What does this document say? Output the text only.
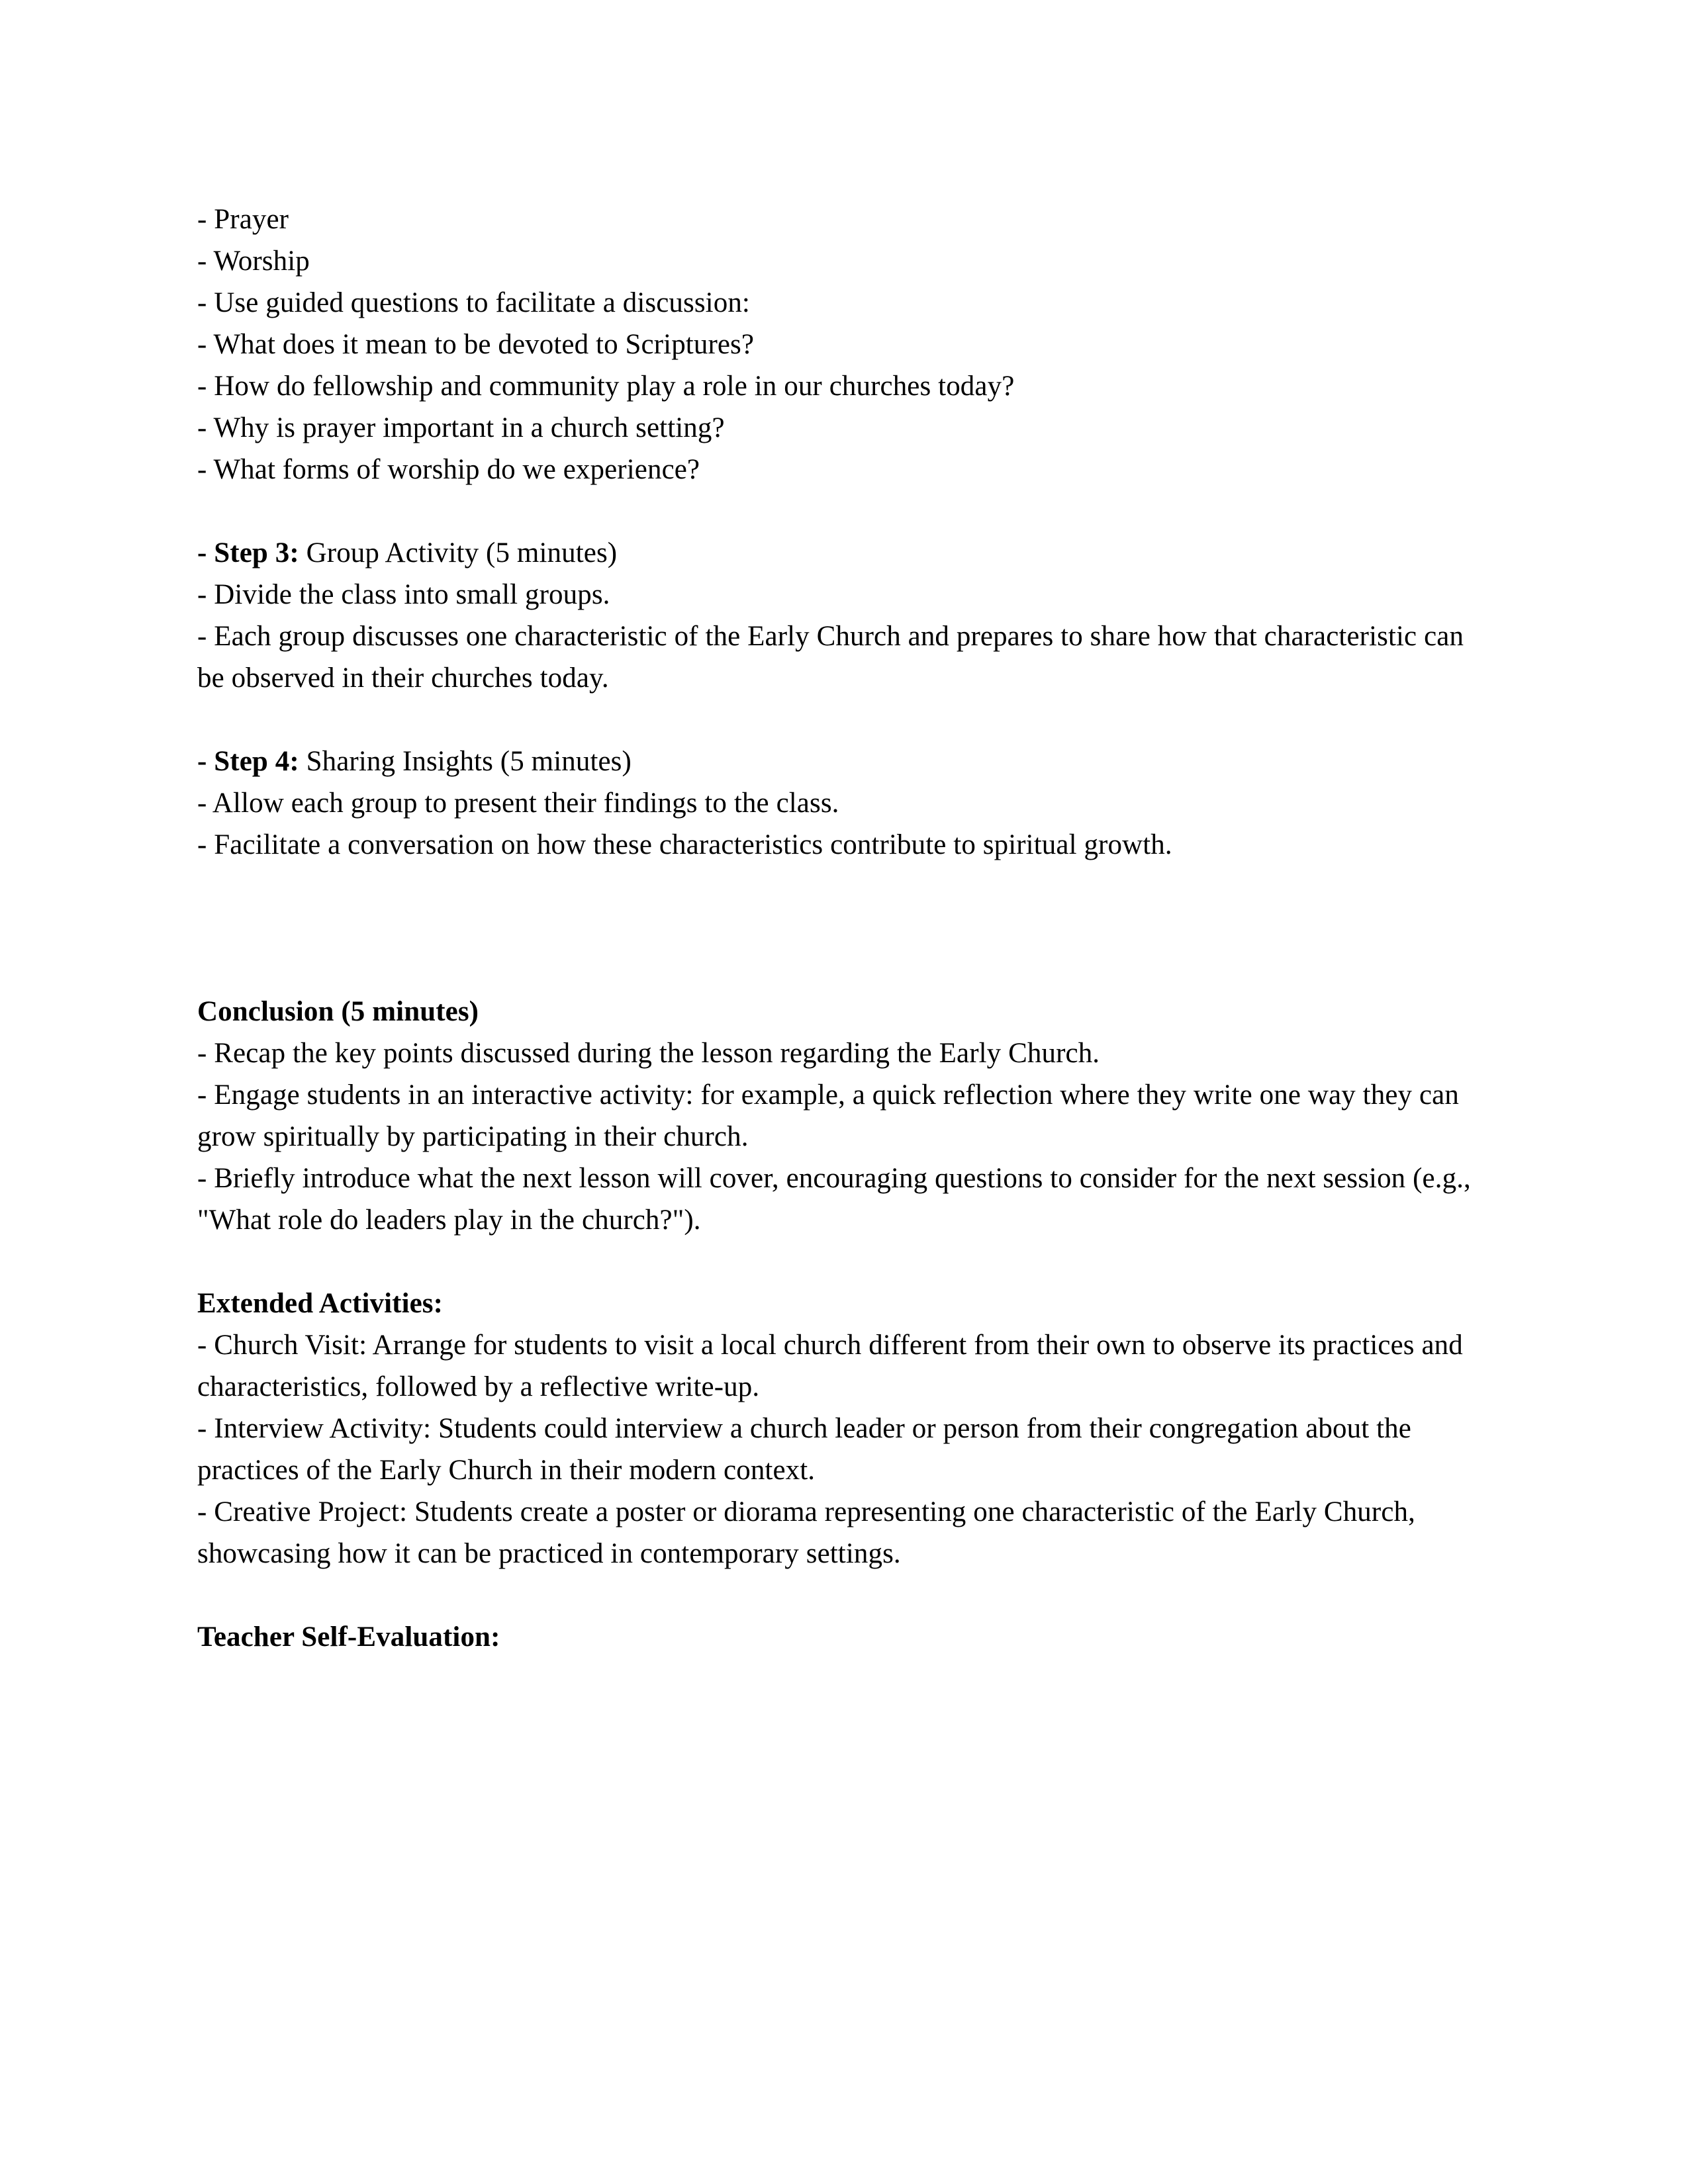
- Prayer

- Worship

- Use guided questions to facilitate a discussion:

- What does it mean to be devoted to Scriptures?

- How do fellowship and community play a role in our churches today?

- Why is prayer important in a church setting?

- What forms of worship do we experience?

- Step 3: Group Activity (5 minutes)

- Divide the class into small groups.

- Each group discusses one characteristic of the Early Church and prepares to share how that characteristic can be observed in their churches today.

- Step 4: Sharing Insights (5 minutes)

- Allow each group to present their findings to the class.

- Facilitate a conversation on how these characteristics contribute to spiritual growth.

Conclusion (5 minutes)

- Recap the key points discussed during the lesson regarding the Early Church.

- Engage students in an interactive activity: for example, a quick reflection where they write one way they can grow spiritually by participating in their church.

- Briefly introduce what the next lesson will cover, encouraging questions to consider for the next session (e.g., "What role do leaders play in the church?").

Extended Activities:

- Church Visit: Arrange for students to visit a local church different from their own to observe its practices and characteristics, followed by a reflective write-up.

- Interview Activity: Students could interview a church leader or person from their congregation about the practices of the Early Church in their modern context.

- Creative Project: Students create a poster or diorama representing one characteristic of the Early Church, showcasing how it can be practiced in contemporary settings.

Teacher Self-Evaluation:
